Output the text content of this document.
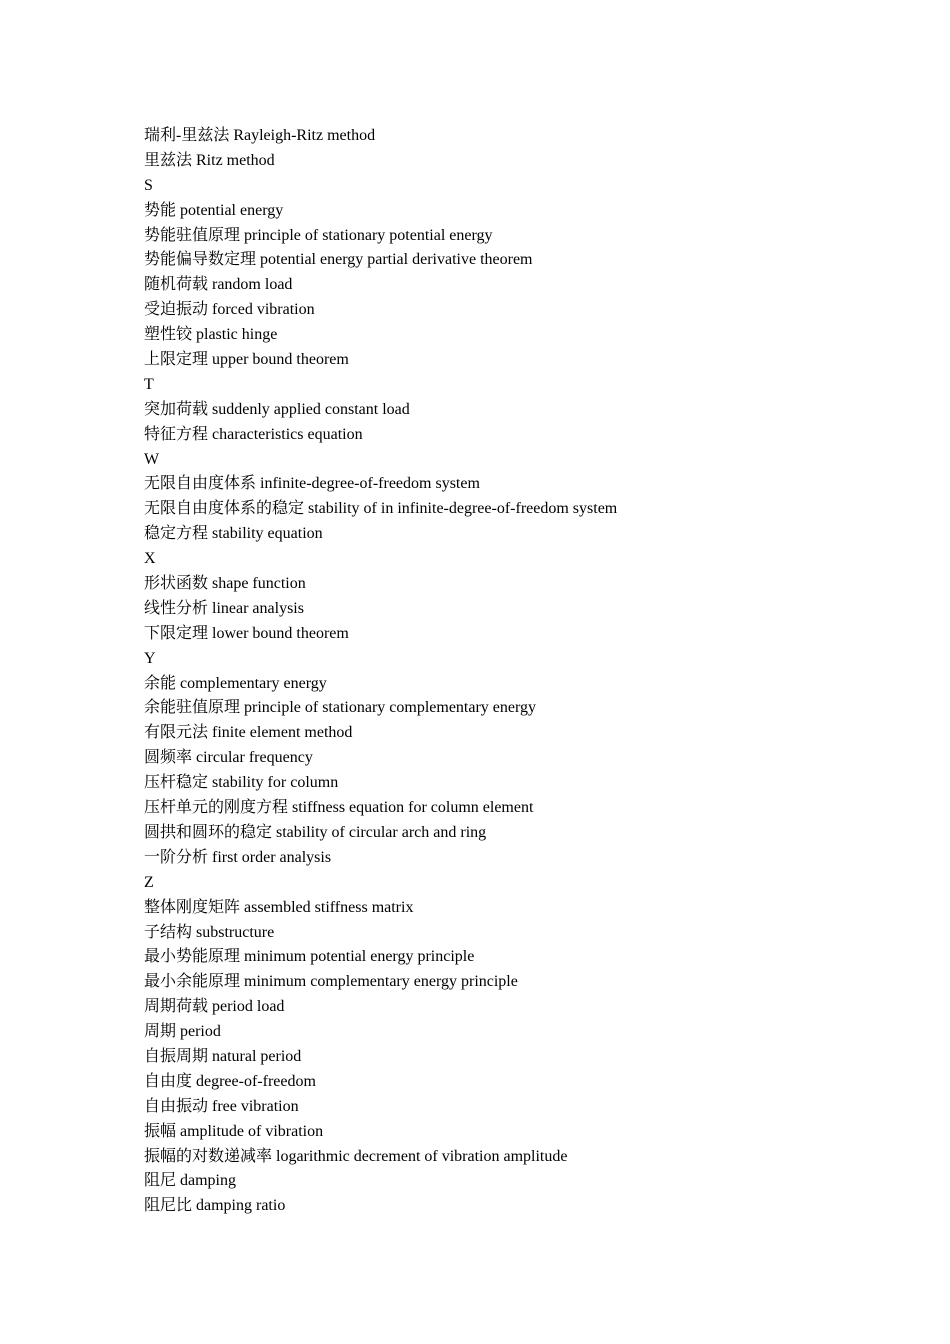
瑞利-里兹法 Rayleigh-Ritz method
里兹法 Ritz method
S
势能 potential energy
势能驻值原理 principle of stationary potential energy
势能偏导数定理 potential energy partial derivative theorem
随机荷载 random load
受迫振动 forced vibration
塑性铰 plastic hinge
上限定理 upper bound theorem
T
突加荷载 suddenly applied constant load
特征方程 characteristics equation
W
无限自由度体系 infinite-degree-of-freedom system
无限自由度体系的稳定 stability of in infinite-degree-of-freedom system
稳定方程 stability equation
X
形状函数 shape function
线性分析 linear analysis
下限定理 lower bound theorem
Y
余能 complementary energy
余能驻值原理 principle of stationary complementary energy
有限元法 finite element method
圆频率 circular frequency
压杆稳定 stability for column
压杆单元的刚度方程 stiffness equation for column element
圆拱和圆环的稳定 stability of circular arch and ring
一阶分析 first order analysis
Z
整体刚度矩阵 assembled stiffness matrix
子结构 substructure
最小势能原理 minimum potential energy principle
最小余能原理 minimum complementary energy principle
周期荷载 period load
周期 period
自振周期 natural period
自由度 degree-of-freedom
自由振动 free vibration
振幅 amplitude of vibration
振幅的对数递减率 logarithmic decrement of vibration amplitude
阻尼 damping
阻尼比 damping ratio
